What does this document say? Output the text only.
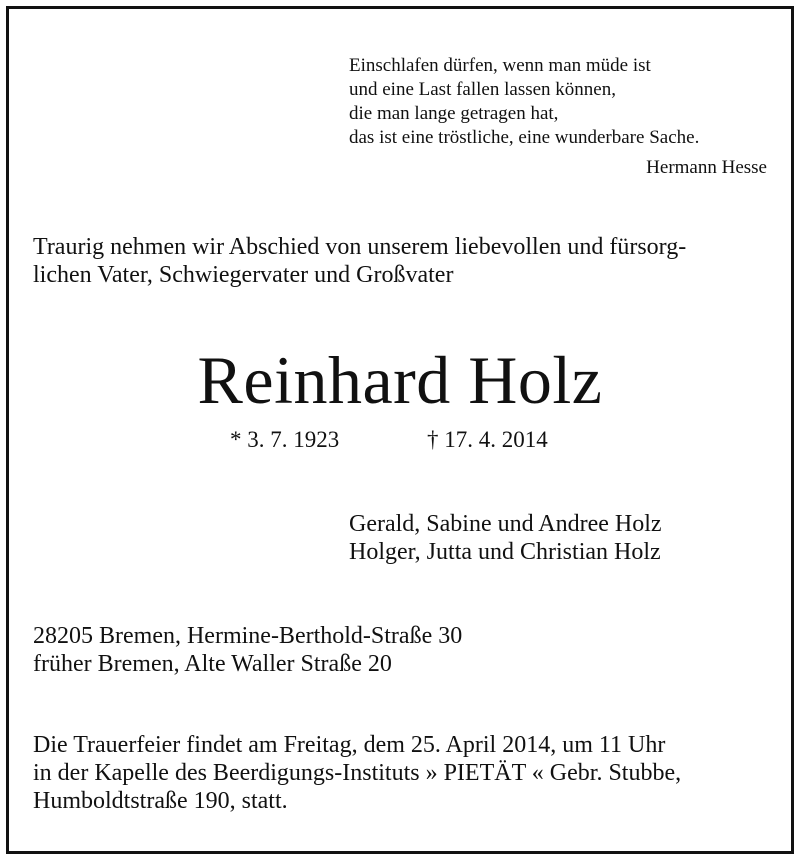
Einschlafen dürfen, wenn man müde ist
und eine Last fallen lassen können,
die man lange getragen hat,
das ist eine tröstliche, eine wunderbare Sache.
Hermann Hesse
Traurig nehmen wir Abschied von unserem liebevollen und fürsorg-
lichen Vater, Schwiegervater und Großvater
Reinhard Holz
* 3. 7. 1923	† 17. 4. 2014
Gerald, Sabine und Andree Holz
Holger, Jutta und Christian Holz
28205 Bremen, Hermine-Berthold-Straße 30
früher Bremen, Alte Waller Straße 20
Die Trauerfeier findet am Freitag, dem 25. April 2014, um 11 Uhr
in der Kapelle des Beerdigungs-Instituts » PIETÄT « Gebr. Stubbe,
Humboldtstraße 190, statt.
